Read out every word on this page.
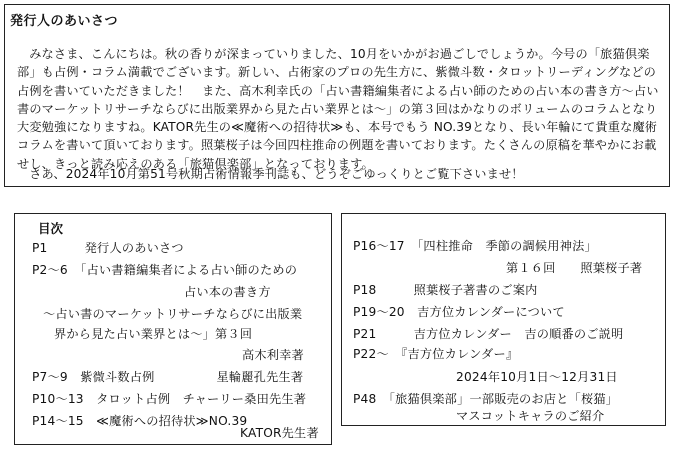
発行人のあいさつ
みなさま、こんにちは。秋の香りが深まっていりました、10月をいかがお過ごしでしょうか。今号の「旅猫倶楽部」も占例・コラム満載でございます。新しい、占術家のプロの先生方に、紫微斗数・タロットリーディングなどの占例を書いていただきました！　また、高木利幸氏の「占い書籍編集者による占い師のための占い本の書き方～占い書のマーケットリサーチならびに出版業界から見た占い業界とは～」の第３回はかなりのボリュームのコラムとなり大変勉強になりますね。KATOR先生の≪魔術への招待状≫も、本号でもう NO.39となり、長い年輪にて貴重な魔術コラムを書いて頂いております。照葉桜子は今回四柱推命の例題を書いております。たくさんの原稿を華やかにお載せし、きっと読み応えのある「旅猫倶楽部」となっております。
さあ、2024年10月第51号秋期占術情報季刊誌も、どうぞごゆっくりとご覧下さいませ！
目次
P1　　　発行人のあいさつ
P2～6　「占い書籍編集者による占い師のための
占い本の書き方
～占い書のマーケットリサーチならびに出版業
界から見た占い業界とは～」第３回
高木利幸著
P7～9　紫微斗数占例　　　　　星輪麗孔先生著
P10～13　タロット占例　チャーリー桑田先生著
P14～15　≪魔術への招待状≫NO.39
KATOR先生著
P16～17　「四柱推命　季節の調候用神法」
第１６回　　照葉桜子著
P18　　　照葉桜子著書のご案内
P19～20　吉方位カレンダーについて
P21　　　吉方位カレンダー　吉の順番のご説明
P22～　『吉方位カレンダー』
2024年10月1日～12月31日
P48　「旅猫倶楽部」一部販売のお店と「桜猫」
マスコットキャラのご紹介
